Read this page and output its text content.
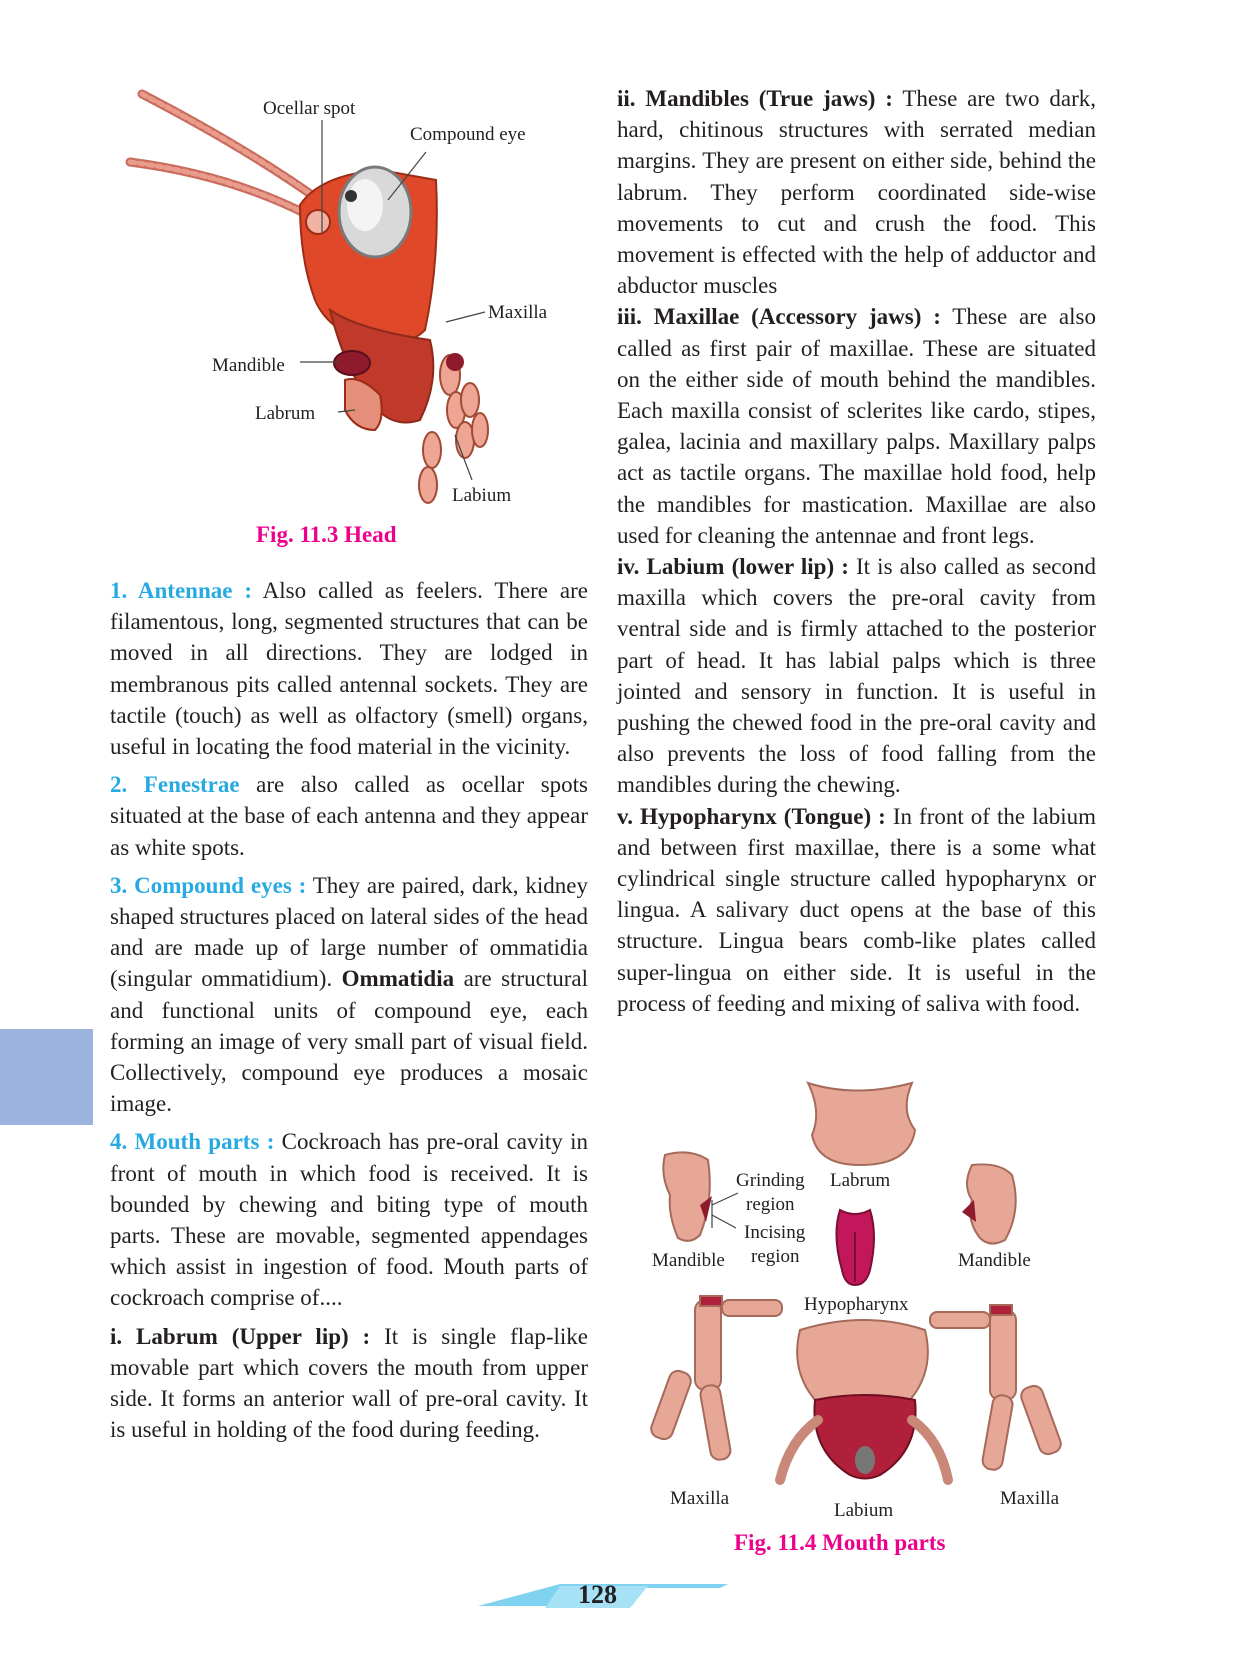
Ocellar spot
Compound eye
Maxilla
Mandible
Labrum
Labium
Fig. 11.3 Head

1. Antennae : Also called as feelers. There are filamentous, long, segmented structures that can be moved in all directions. They are lodged in membranous pits called antennal sockets. They are tactile (touch) as well as olfactory (smell) organs, useful in locating the food material in the vicinity.

2. Fenestrae are also called as ocellar spots situated at the base of each antenna and they appear as white spots.

3. Compound eyes : They are paired, dark, kidney shaped structures placed on lateral sides of the head and are made up of large number of ommatidia (singular ommatidium). Ommatidia are structural and functional units of compound eye, each forming an image of very small part of visual field. Collectively, compound eye produces a mosaic image.

4. Mouth parts : Cockroach has pre-oral cavity in front of mouth in which food is received. It is bounded by chewing and biting type of mouth parts. These are movable, segmented appendages which assist in ingestion of food. Mouth parts of cockroach comprise of....

i. Labrum (Upper lip) : It is single flap-like movable part which covers the mouth from upper side. It forms an anterior wall of pre-oral cavity. It is useful in holding of the food during feeding.

ii. Mandibles (True jaws) : These are two dark, hard, chitinous structures with serrated median margins. They are present on either side, behind the labrum. They perform coordinated side-wise movements to cut and crush the food. This movement is effected with the help of adductor and abductor muscles

iii. Maxillae (Accessory jaws) : These are also called as first pair of maxillae. These are situated on the either side of mouth behind the mandibles. Each maxilla consist of sclerites like cardo, stipes, galea, lacinia and maxillary palps. Maxillary palps act as tactile organs. The maxillae hold food, help the mandibles for mastication. Maxillae are also used for cleaning the antennae and front legs.

iv. Labium (lower lip) : It is also called as second maxilla which covers the pre-oral cavity from ventral side and is firmly attached to the posterior part of head. It has labial palps which is three jointed and sensory in function. It is useful in pushing the chewed food in the pre-oral cavity and also prevents the loss of food falling from the mandibles during the chewing.

v. Hypopharynx (Tongue) : In front of the labium and between first maxillae, there is a some what cylindrical single structure called hypopharynx or lingua. A salivary duct opens at the base of this structure. Lingua bears comb-like plates called super-lingua on either side. It is useful in the process of feeding and mixing of saliva with food.

Grinding
region
Labrum
Incising
region
Mandible	Mandible
Hypopharynx
Maxilla	Maxilla
Labium
Fig. 11.4 Mouth parts
128
